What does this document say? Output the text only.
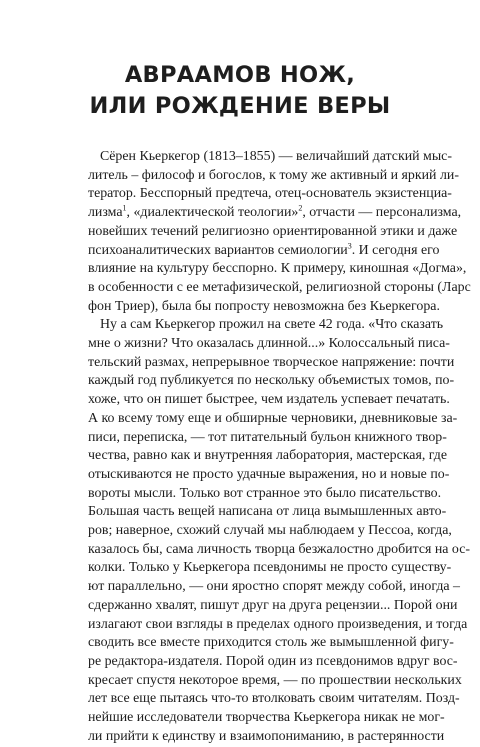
АВРААМОВ НОЖ,
ИЛИ РОЖДЕНИЕ ВЕРЫ
Сёрен Кьеркегор (1813–1855) — величайший датский мыс-
литель – философ и богослов, к тому же активный и яркий ли-
тератор. Бесспорный предтеча, отец-основатель экзистенциа-
лизма$^1$, «диалектической теологии»$^2$, отчасти — персонализма,
новейших течений религиозно ориентированной этики и даже
психоаналитических вариантов семиологии$^3$. И сегодня его
влияние на культуру бесспорно. К примеру, киношная «Догма»,
в особенности с ее метафизической, религиозной стороны (Ларс
фон Триер), была бы попросту невозможна без Кьеркегора.
Ну а сам Кьеркегор прожил на свете 42 года. «Что сказать
мне о жизни? Что оказалась длинной...» Колоссальный писа-
тельский размах, непрерывное творческое напряжение: почти
каждый год публикуется по нескольку объемистых томов, по-
хоже, что он пишет быстрее, чем издатель успевает печатать.
А ко всему тому еще и обширные черновики, дневниковые за-
писи, переписка, — тот питательный бульон книжного твор-
чества, равно как и внутренняя лаборатория, мастерская, где
отыскиваются не просто удачные выражения, но и новые по-
вороты мысли. Только вот странное это было писательство.
Большая часть вещей написана от лица вымышленных авто-
ров; наверное, схожий случай мы наблюдаем у Пессоа, когда,
казалось бы, сама личность творца безжалостно дробится на ос-
колки. Только у Кьеркегора псевдонимы не просто существу-
ют параллельно, — они яростно спорят между собой, иногда –
сдержанно хвалят, пишут друг на друга рецензии... Порой они
излагают свои взгляды в пределах одного произведения, и тогда
сводить все вместе приходится столь же вымышленной фигу-
ре редактора-издателя. Порой один из псевдонимов вдруг вос-
кресает спустя некоторое время, — по прошествии нескольких
лет все еще пытаясь что-то втолковать своим читателям. Позд-
нейшие исследователи творчества Кьеркегора никак не мог-
ли прийти к единству и взаимопониманию, в растерянности
